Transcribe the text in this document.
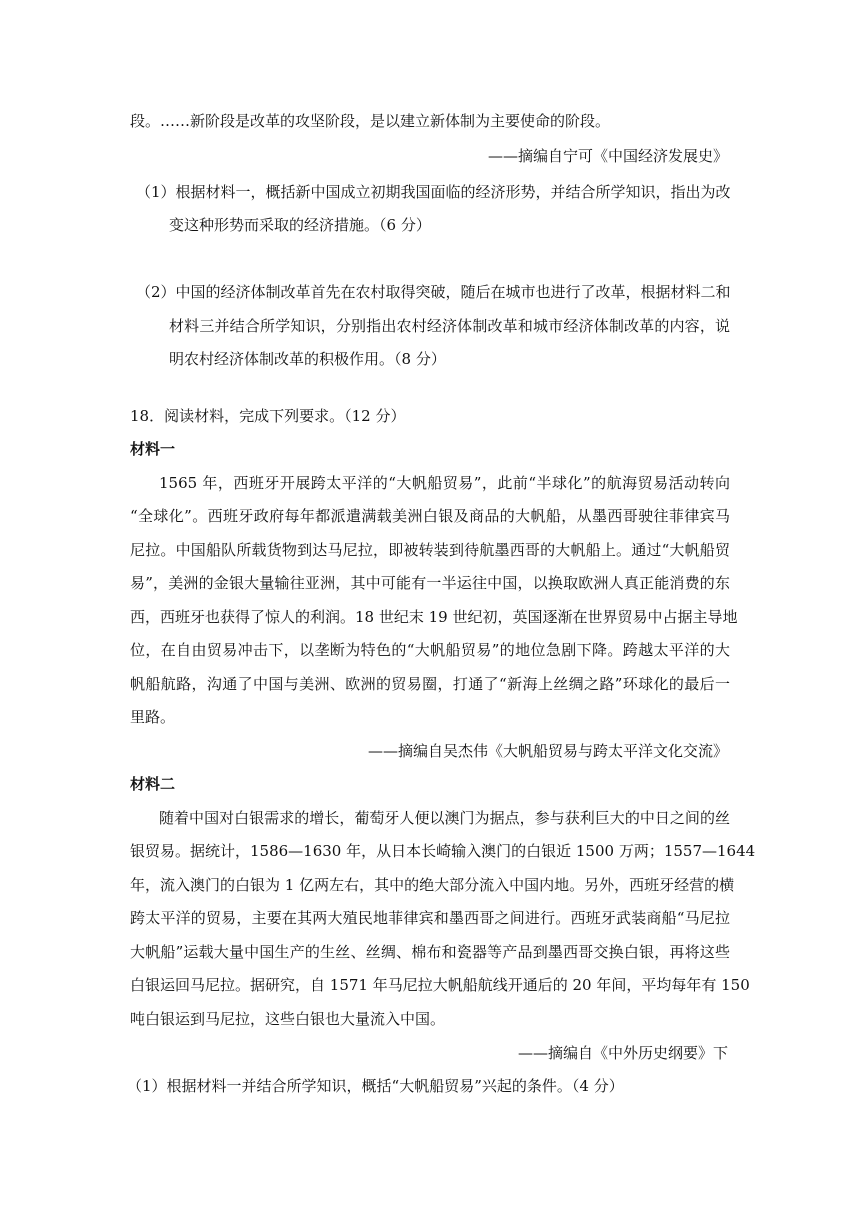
段。……新阶段是改革的攻坚阶段，是以建立新体制为主要使命的阶段。
——摘编自宁可《中国经济发展史》
（1）根据材料一，概括新中国成立初期我国面临的经济形势，并结合所学知识，指出为改
变这种形势而采取的经济措施。（6 分）
（2）中国的经济体制改革首先在农村取得突破，随后在城市也进行了改革，根据材料二和
材料三并结合所学知识，分别指出农村经济体制改革和城市经济体制改革的内容，说
明农村经济体制改革的积极作用。（8 分）
18．阅读材料，完成下列要求。（12 分）
材料一
1565 年，西班牙开展跨太平洋的“大帆船贸易”，此前“半球化”的航海贸易活动转向
“全球化”。西班牙政府每年都派遣满载美洲白银及商品的大帆船，从墨西哥驶往菲律宾马
尼拉。中国船队所载货物到达马尼拉，即被转装到待航墨西哥的大帆船上。通过“大帆船贸
易”，美洲的金银大量输往亚洲，其中可能有一半运往中国，以换取欧洲人真正能消费的东
西，西班牙也获得了惊人的利润。18 世纪末 19 世纪初，英国逐渐在世界贸易中占据主导地
位，在自由贸易冲击下，以垄断为特色的“大帆船贸易”的地位急剧下降。跨越太平洋的大
帆船航路，沟通了中国与美洲、欧洲的贸易圈，打通了“新海上丝绸之路”环球化的最后一
里路。
——摘编自吴杰伟《大帆船贸易与跨太平洋文化交流》
材料二
随着中国对白银需求的增长，葡萄牙人便以澳门为据点，参与获利巨大的中日之间的丝
银贸易。据统计，1586—1630 年，从日本长崎输入澳门的白银近 1500 万两；1557—1644
年，流入澳门的白银为 1 亿两左右，其中的绝大部分流入中国内地。另外，西班牙经营的横
跨太平洋的贸易，主要在其两大殖民地菲律宾和墨西哥之间进行。西班牙武装商船“马尼拉
大帆船”运载大量中国生产的生丝、丝绸、棉布和瓷器等产品到墨西哥交换白银，再将这些
白银运回马尼拉。据研究，自 1571 年马尼拉大帆船航线开通后的 20 年间，平均每年有 150
吨白银运到马尼拉，这些白银也大量流入中国。
——摘编自《中外历史纲要》下
（1）根据材料一并结合所学知识，概括“大帆船贸易”兴起的条件。（4 分）
